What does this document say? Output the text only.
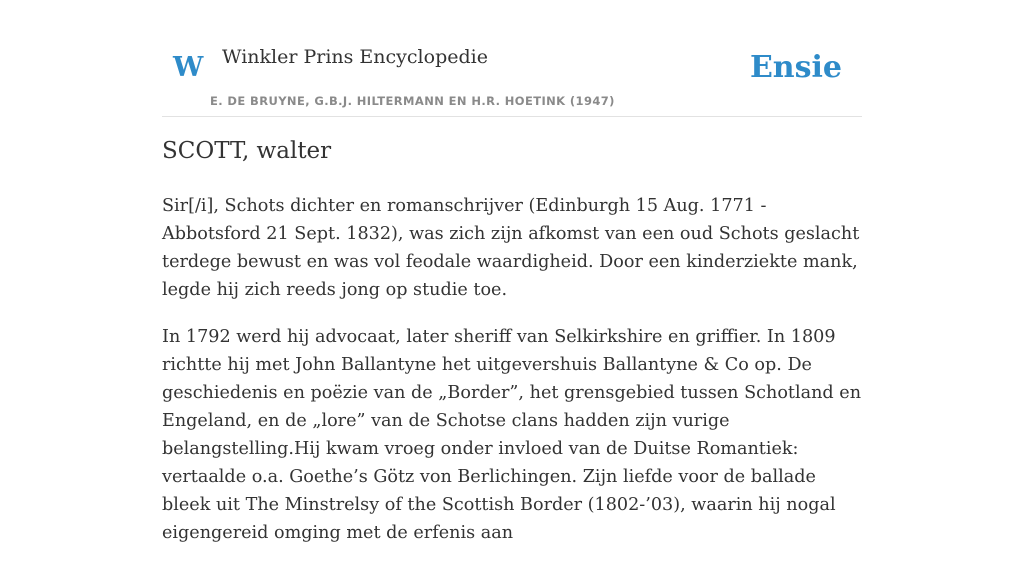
W Winkler Prins Encyclopedie
E. DE BRUYNE, G.B.J. HILTERMANN EN H.R. HOETINK (1947)
Ensie
SCOTT, walter

Sir[/i], Schots dichter en romanschrijver (Edinburgh 15 Aug. 1771 - Abbotsford 21 Sept. 1832), was zich zijn afkomst van een oud Schots geslacht terdege bewust en was vol feodale waardigheid. Door een kinderziekte mank, legde hij zich reeds jong op studie toe.

In 1792 werd hij advocaat, later sheriff van Selkirkshire en griffier. In 1809 richtte hij met John Ballantyne het uitgevershuis Ballantyne & Co op. De geschiedenis en poëzie van de „Border”, het grensgebied tussen Schotland en Engeland, en de „lore” van de Schotse clans hadden zijn vurige belangstelling.Hij kwam vroeg onder invloed van de Duitse Romantiek: vertaalde o.a. Goethe’s Götz von Berlichingen. Zijn liefde voor de ballade bleek uit The Minstrelsy of the Scottish Border (1802-’03), waarin hij nogal eigengereid omging met de erfenis aan
